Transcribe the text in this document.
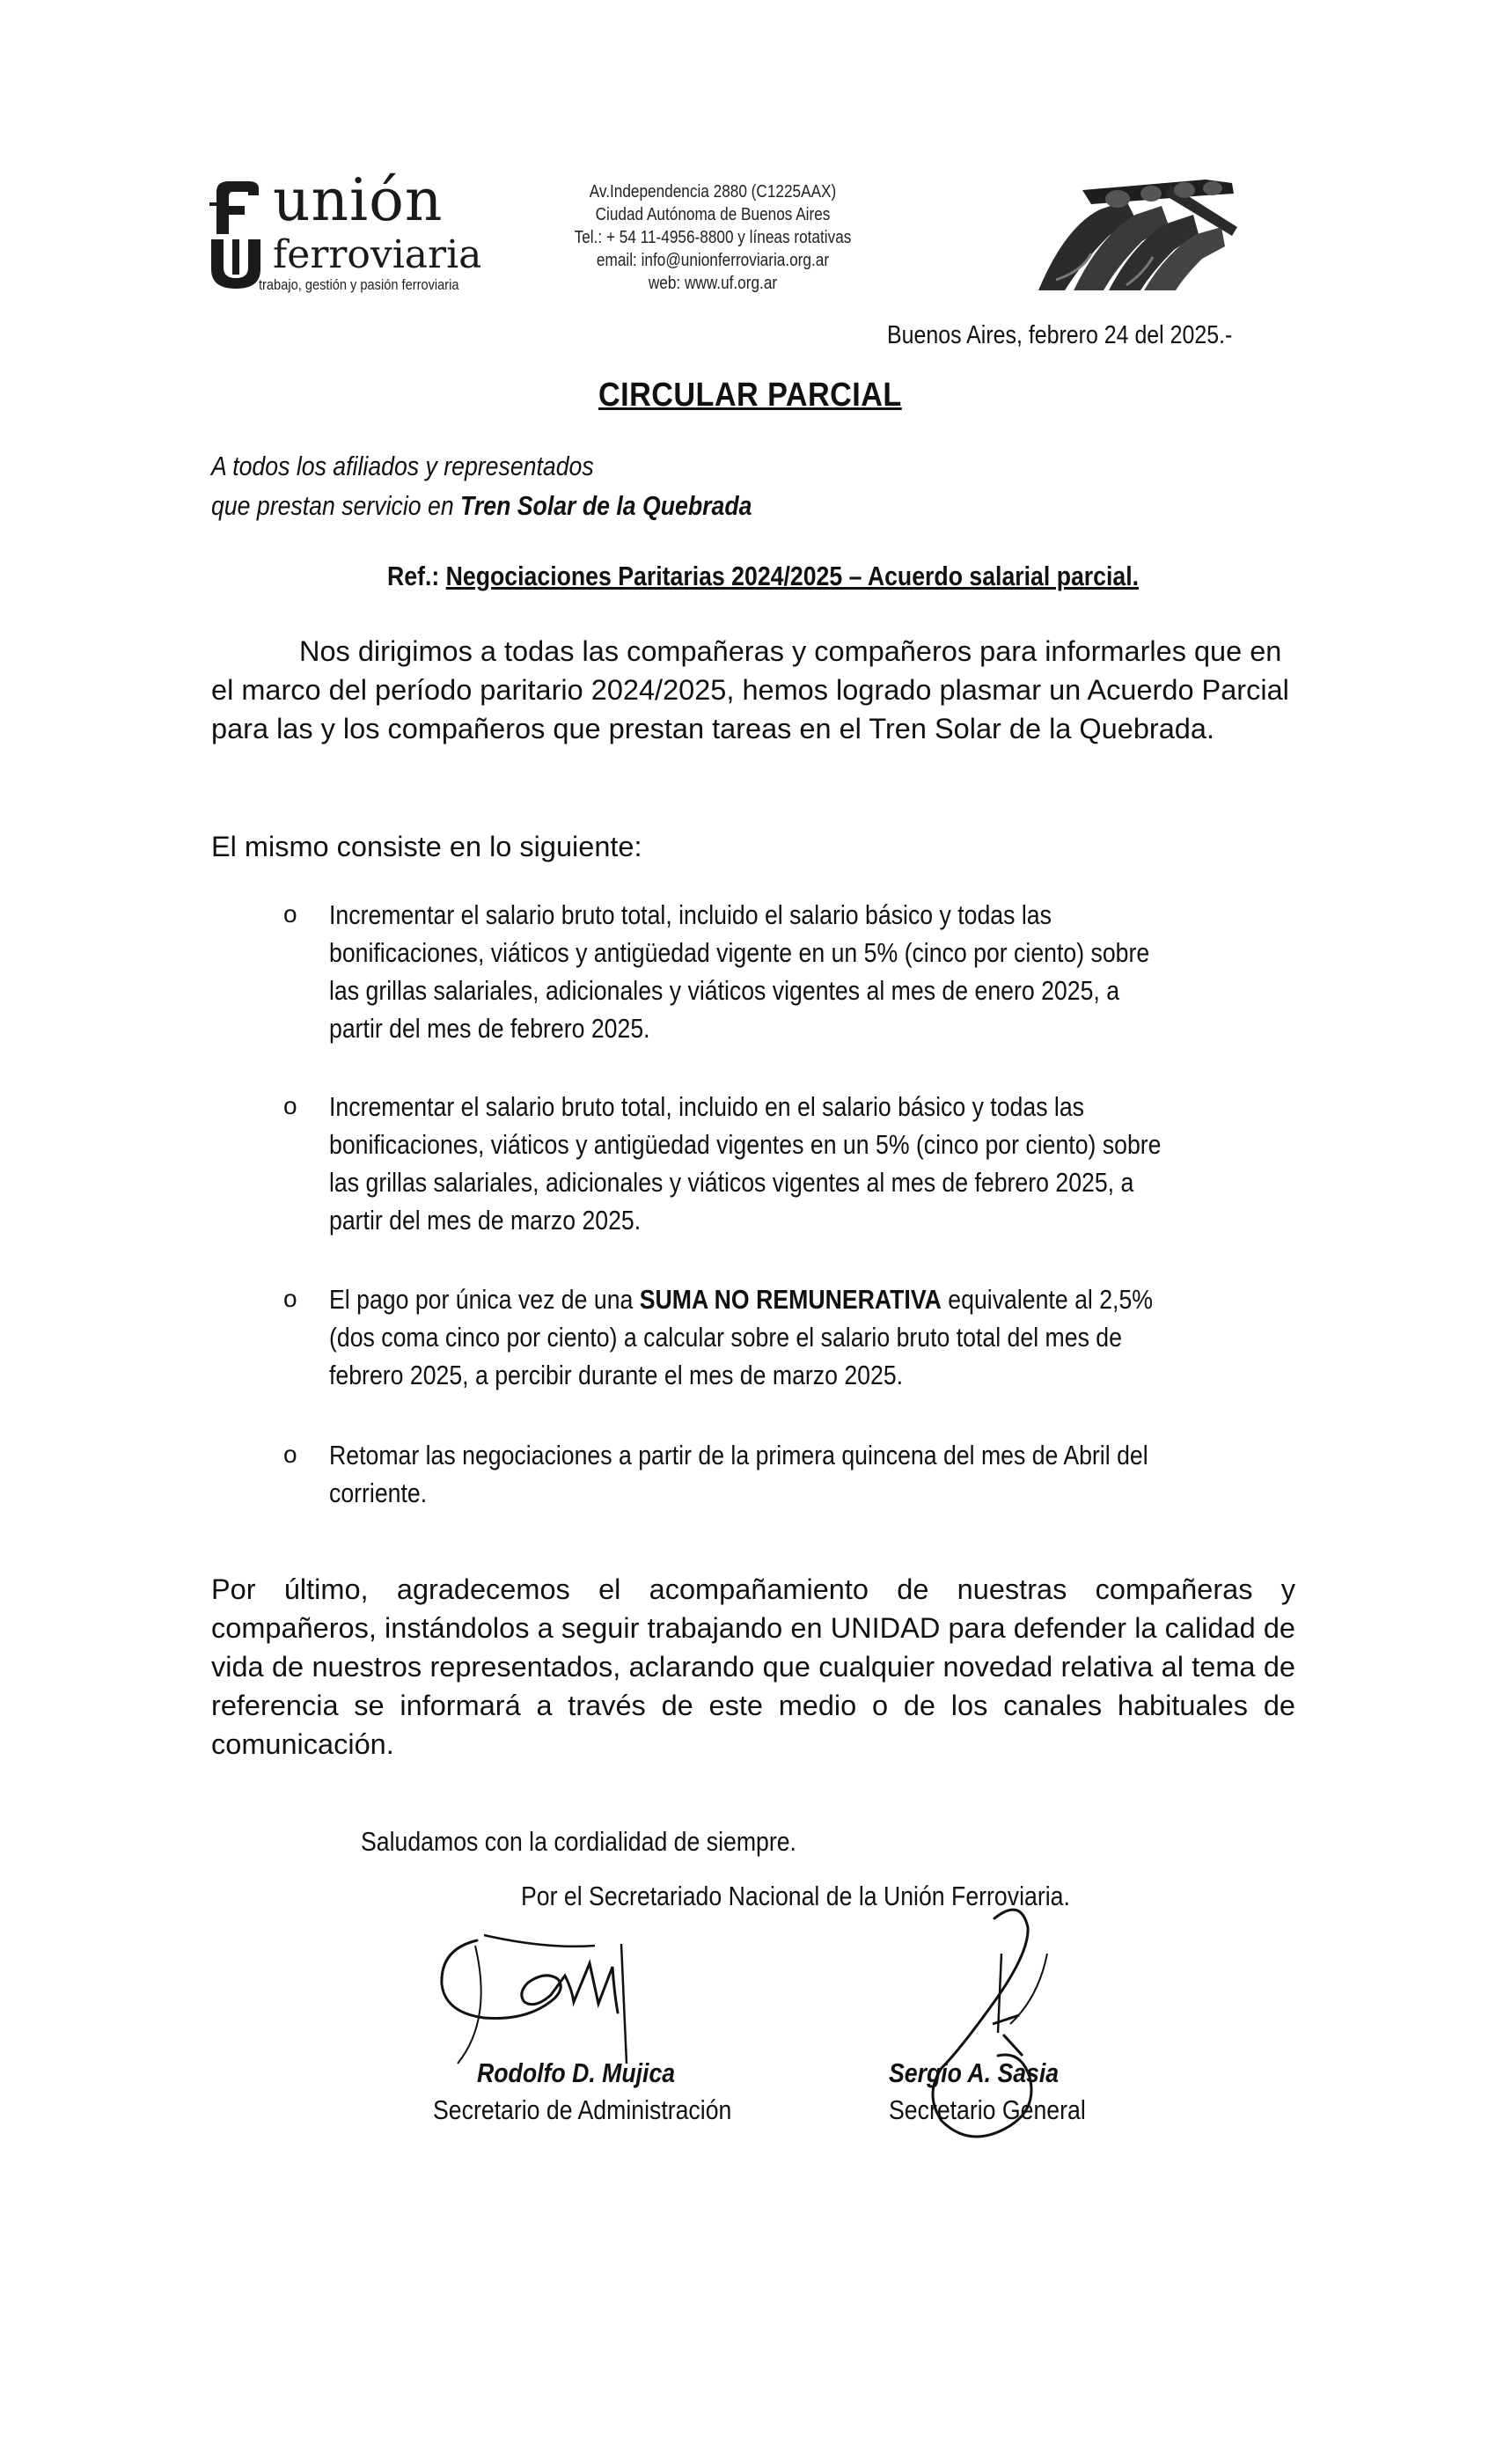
unión
ferroviaria
trabajo, gestión y pasión ferroviaria
Av.Independencia 2880 (C1225AAX)
Ciudad Autónoma de Buenos Aires
Tel.: + 54 11-4956-8800 y líneas rotativas
email: info@unionferroviaria.org.ar
web: www.uf.org.ar
Buenos Aires, febrero 24 del 2025.-
CIRCULAR PARCIAL
A todos los afiliados y representados
que prestan servicio en Tren Solar de la Quebrada
Ref.: Negociaciones Paritarias 2024/2025 – Acuerdo salarial parcial.
Nos dirigimos a todas las compañeras y compañeros para informarles que en el marco del período paritario 2024/2025, hemos logrado plasmar un Acuerdo Parcial para las y los compañeros que prestan tareas en el Tren Solar de la Quebrada.
El mismo consiste en lo siguiente:
o Incrementar el salario bruto total, incluido el salario básico y todas las bonificaciones, viáticos y antigüedad vigente en un 5% (cinco por ciento) sobre las grillas salariales, adicionales y viáticos vigentes al mes de enero 2025, a partir del mes de febrero 2025.
o Incrementar el salario bruto total, incluido en el salario básico y todas las bonificaciones, viáticos y antigüedad vigentes en un 5% (cinco por ciento) sobre las grillas salariales, adicionales y viáticos vigentes al mes de febrero 2025, a partir del mes de marzo 2025.
o El pago por única vez de una SUMA NO REMUNERATIVA equivalente al 2,5% (dos coma cinco por ciento) a calcular sobre el salario bruto total del mes de febrero 2025, a percibir durante el mes de marzo 2025.
o Retomar las negociaciones a partir de la primera quincena del mes de Abril del corriente.
Por último, agradecemos el acompañamiento de nuestras compañeras y compañeros, instándolos a seguir trabajando en UNIDAD para defender la calidad de vida de nuestros representados, aclarando que cualquier novedad relativa al tema de referencia se informará a través de este medio o de los canales habituales de comunicación.
Saludamos con la cordialidad de siempre.
Por el Secretariado Nacional de la Unión Ferroviaria.
Rodolfo D. Mujica
Secretario de Administración
Sergio A. Sasia
Secretario General
